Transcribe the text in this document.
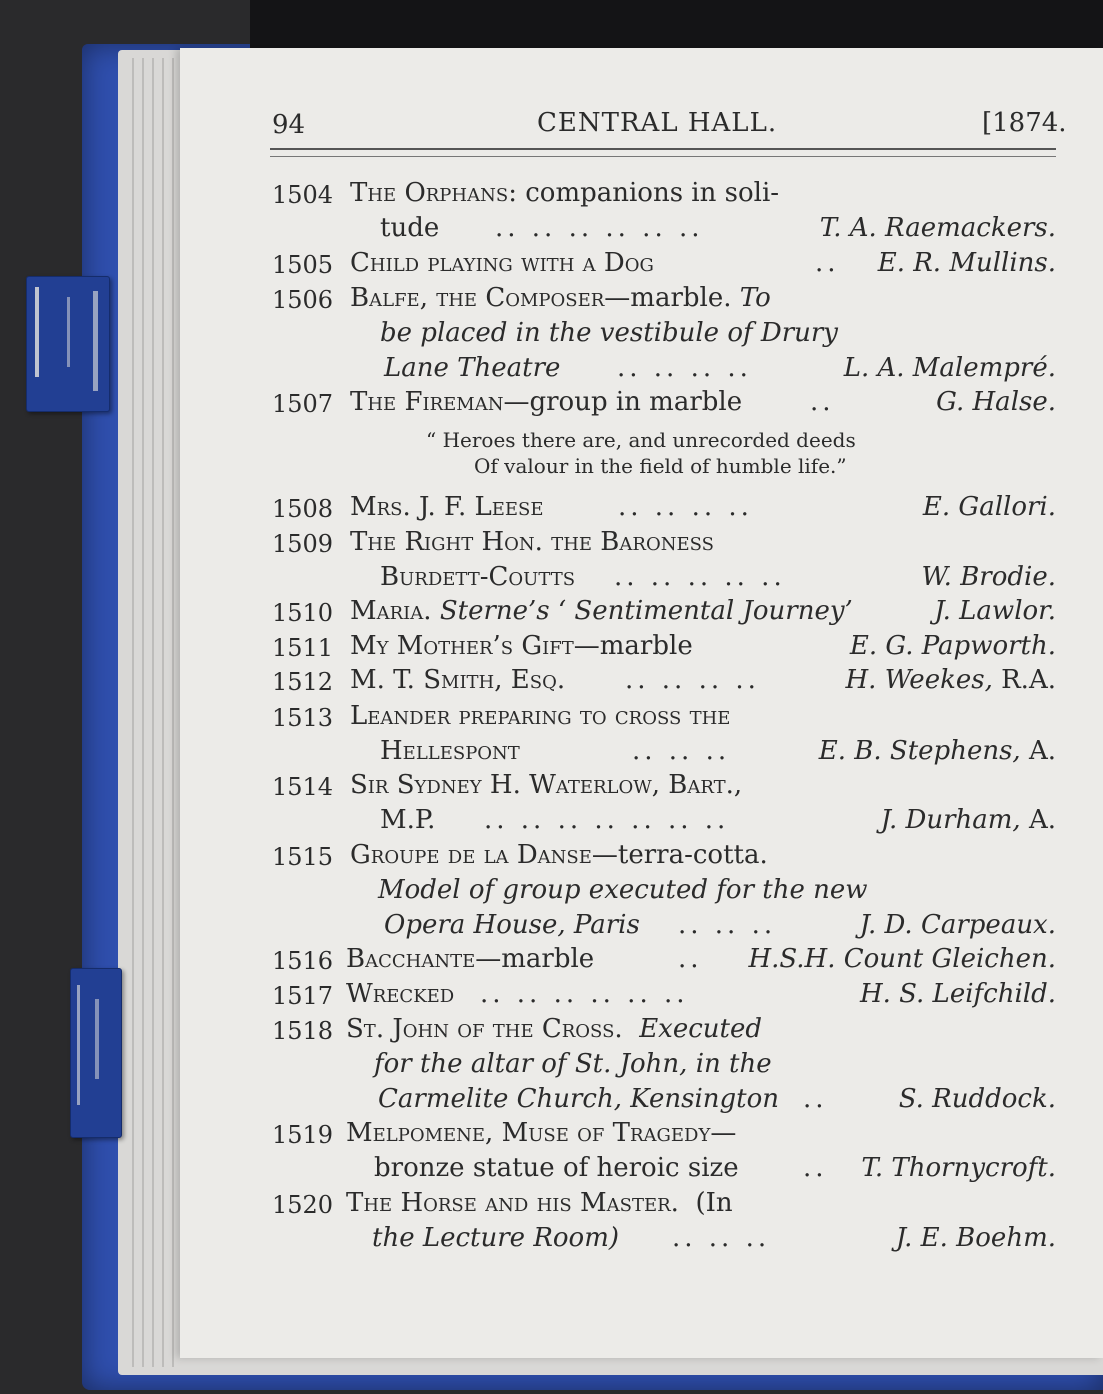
94	CENTRAL HALL.	[1874.
1504 The Orphans: companions in soli-
tude .. .. .. .. .. ..	T. A. Raemackers.
1505 Child playing with a Dog	.. E. R. Mullins.
1506 Balfe, the Composer—marble. To
be placed in the vestibule of Drury
Lane Theatre .. .. .. ..	L. A. Malempré.
1507 The Fireman—group in marble	..	G. Halse.
“ Heroes there are, and unrecorded deeds
Of valour in the field of humble life.”
1508 Mrs. J. F. Leese	.. .. .. ..	E. Gallori.
1509 The Right Hon. the Baroness
Burdett-Coutts .. .. .. .. ..	W. Brodie.
1510 Maria. Sterne’s ‘ Sentimental Journey’	J. Lawlor.
1511 My Mother’s Gift—marble	E. G. Papworth.
1512 M. T. Smith, Esq. .. .. .. ..	H. Weekes, R.A.
1513 Leander preparing to cross the
Hellespont	.. .. ..	E. B. Stephens, A.
1514 Sir Sydney H. Waterlow, Bart.,
M.P. .. .. .. .. .. .. ..	J. Durham, A.
1515 Groupe de la Danse—terra-cotta.
Model of group executed for the new
Opera House, Paris .. .. ..	J. D. Carpeaux.
1516 Bacchante—marble	.. H.S.H. Count Gleichen.
1517 Wrecked .. .. .. .. .. ..	H. S. Leifchild.
1518 St. John of the Cross. Executed
for the altar of St. John, in the
Carmelite Church, Kensington ..	S. Ruddock.
1519 Melpomene, Muse of Tragedy—
bronze statue of heroic size .. T. Thornycroft.
1520 The Horse and his Master. (In
the Lecture Room) .. .. ..	J. E. Boehm.
